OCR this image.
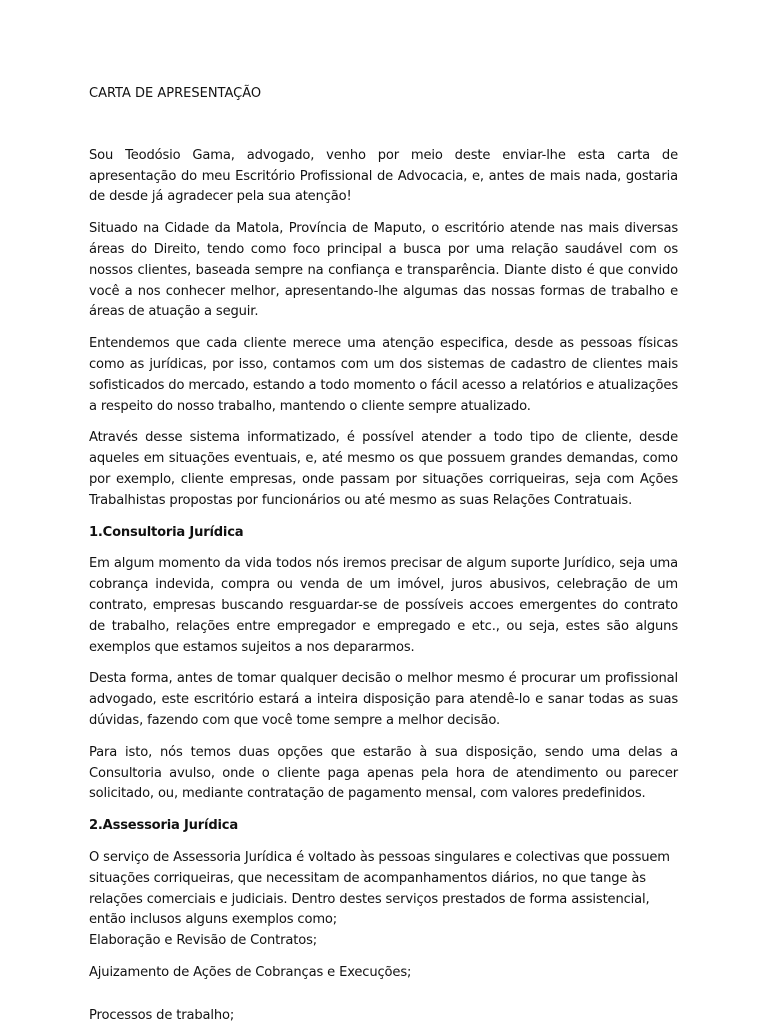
CARTA DE APRESENTAÇÃO

Sou Teodósio Gama, advogado, venho por meio deste enviar-lhe esta carta de apresentação do meu Escritório Profissional de Advocacia, e, antes de mais nada, gostaria de desde já agradecer pela sua atenção!

Situado na Cidade da Matola, Província de Maputo, o escritório atende nas mais diversas áreas do Direito, tendo como foco principal a busca por uma relação saudável com os nossos clientes, baseada sempre na confiança e transparência. Diante disto é que convido você a nos conhecer melhor, apresentando-lhe algumas das nossas formas de trabalho e áreas de atuação a seguir.

Entendemos que cada cliente merece uma atenção especifica, desde as pessoas físicas como as jurídicas, por isso, contamos com um dos sistemas de cadastro de clientes mais sofisticados do mercado, estando a todo momento o fácil acesso a relatórios e atualizações a respeito do nosso trabalho, mantendo o cliente sempre atualizado.

Através desse sistema informatizado, é possível atender a todo tipo de cliente, desde aqueles em situações eventuais, e, até mesmo os que possuem grandes demandas, como por exemplo, cliente empresas, onde passam por situações corriqueiras, seja com Ações Trabalhistas propostas por funcionários ou até mesmo as suas Relações Contratuais.

1.Consultoria Jurídica

Em algum momento da vida todos nós iremos precisar de algum suporte Jurídico, seja uma cobrança indevida, compra ou venda de um imóvel, juros abusivos, celebração de um contrato, empresas buscando resguardar-se de possíveis accoes emergentes do contrato de trabalho, relações entre empregador e empregado e etc., ou seja, estes são alguns exemplos que estamos sujeitos a nos depararmos.

Desta forma, antes de tomar qualquer decisão o melhor mesmo é procurar um profissional advogado, este escritório estará a inteira disposição para atendê-lo e sanar todas as suas dúvidas, fazendo com que você tome sempre a melhor decisão.

Para isto, nós temos duas opções que estarão à sua disposição, sendo uma delas a Consultoria avulso, onde o cliente paga apenas pela hora de atendimento ou parecer solicitado, ou, mediante contratação de pagamento mensal, com valores predefinidos.

2.Assessoria Jurídica

O serviço de Assessoria Jurídica é voltado às pessoas singulares e colectivas que possuem situações corriqueiras, que necessitam de acompanhamentos diários, no que tange às relações comerciais e judiciais. Dentro destes serviços prestados de forma assistencial, então inclusos alguns exemplos como;

Elaboração e Revisão de Contratos;
Ajuizamento de Ações de Cobranças e Execuções;
Processos de trabalho;
